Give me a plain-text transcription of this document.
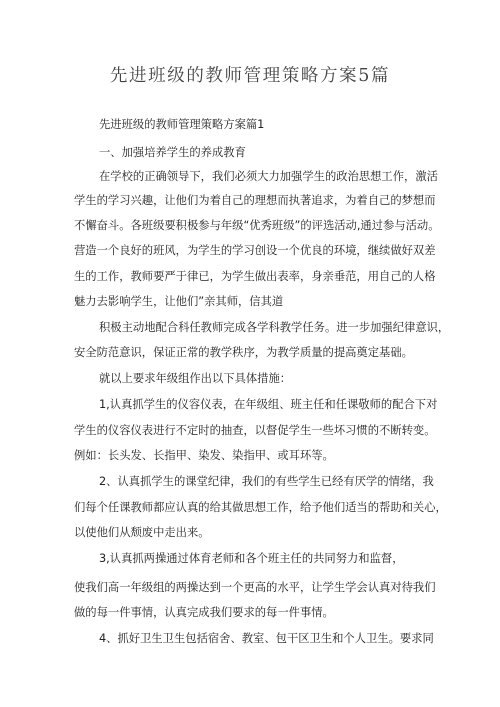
先进班级的教师管理策略方案5篇
先进班级的教师管理策略方案篇1
一、加强培养学生的养成教育
在学校的正确领导下，我们必须大力加强学生的政治思想工作，激活
学生的学习兴趣，让他们为着自己的理想而执著追求，为着自己的梦想而
不懈奋斗。各班级要积极参与年级“优秀班级”的评选活动,通过参与活动。
营造一个良好的班风，为学生的学习创设一个优良的环境，继续做好双差
生的工作，教师要严于律已，为学生做出表率，身亲垂范，用自己的人格
魅力去影响学生，让他们”亲其师，信其道
积极主动地配合科任教师完成各学科教学任务。进一步加强纪律意识，
安全防范意识，保证正常的教学秩序，为教学质量的提高奠定基础。
就以上要求年级组作出以下具体措施：
1,认真抓学生的仪容仪表，在年级组、班主任和任课敬师的配合下对
学生的仪容仪表进行不定时的抽查，以督促学生一些坏习惯的不断转变。
例如：长头发、长指甲、染发、染指甲、或耳环等。
2、认真抓学生的课堂纪律，我们的有些学生已经有厌学的情绪，我
们每个任课教师都应认真的给其做思想工作，给予他们适当的帮助和关心，
以使他们从颓废中走出来。
3,认真抓两操通过体育老师和各个班主任的共同努力和监督，
使我们高一年级组的两操达到一个更高的水平，让学生学会认真对待我们
做的每一件事情，认真完成我们要求的每一件事情。
4、抓好卫生卫生包括宿舍、教室、包干区卫生和个人卫生。要求同
